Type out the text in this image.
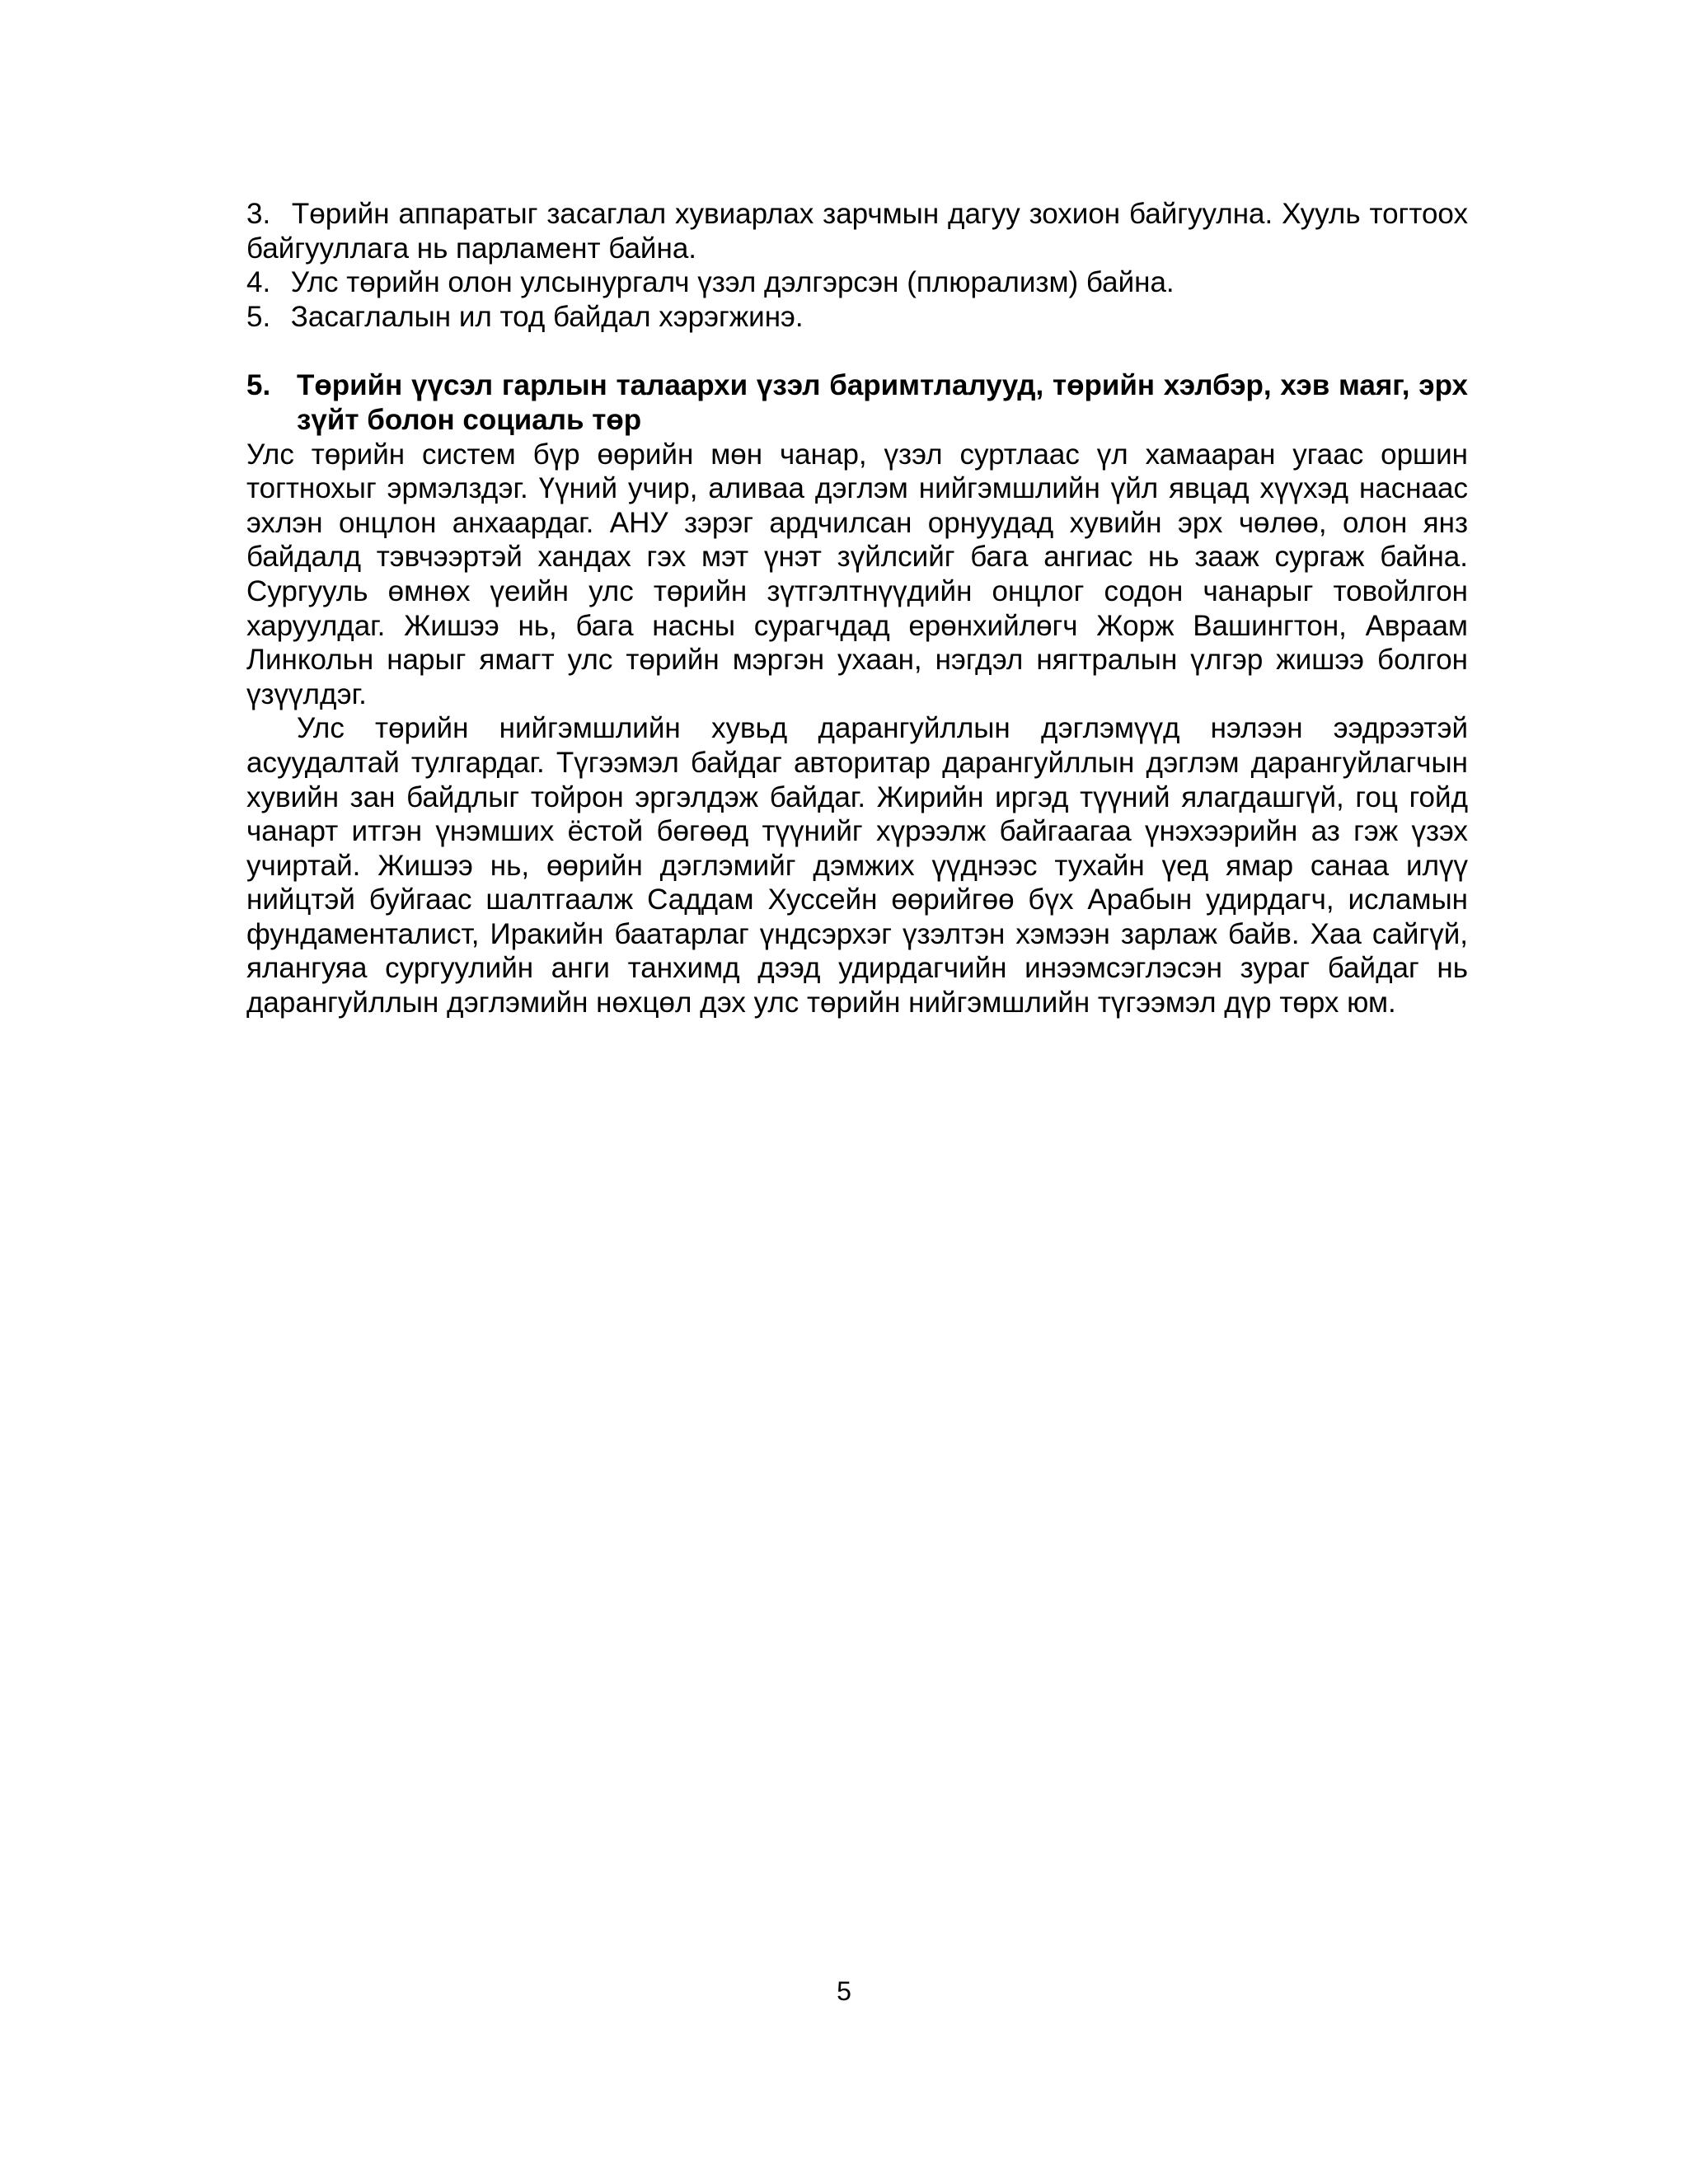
3. Төрийн аппаратыг засаглал хувиарлах зарчмын дагуу зохион байгуулна. Хууль тогтоох байгууллага нь парламент байна.

4. Улс төрийн олон улсынургалч үзэл дэлгэрсэн (плюрализм) байна.

5. Засаглалын ил тод байдал хэрэгжинэ.

5. Төрийн үүсэл гарлын талаархи үзэл баримтлалууд, төрийн хэлбэр, хэв маяг, эрх зүйт болон социаль төр

Улс төрийн систем бүр өөрийн мөн чанар, үзэл суртлаас үл хамааран угаас оршин тогтнохыг эрмэлздэг. Үүний учир, аливаа дэглэм нийгэмшлийн үйл явцад хүүхэд наснаас эхлэн онцлон анхаардаг. АНУ зэрэг ардчилсан орнуудад хувийн эрх чөлөө, олон янз байдалд тэвчээртэй хандах гэх мэт үнэт зүйлсийг бага ангиас нь зааж сургаж байна. Сургууль өмнөх үеийн улс төрийн зүтгэлтнүүдийн онцлог содон чанарыг товойлгон харуулдаг. Жишээ нь, бага насны сурагчдад ерөнхийлөгч Жорж Вашингтон, Авраам Линкольн нарыг ямагт улс төрийн мэргэн ухаан, нэгдэл нягтралын үлгэр жишээ болгон үзүүлдэг.

Улс төрийн нийгэмшлийн хувьд дарангуйллын дэглэмүүд нэлээн ээдрээтэй асуудалтай тулгардаг. Түгээмэл байдаг авторитар дарангуйллын дэглэм дарангуйлагчын хувийн зан байдлыг тойрон эргэлдэж байдаг. Жирийн иргэд түүний ялагдашгүй, гоц гойд чанарт итгэн үнэмших ёстой бөгөөд түүнийг хүрээлж байгаагаа үнэхээрийн аз гэж үзэх учиртай. Жишээ нь, өөрийн дэглэмийг дэмжих үүднээс тухайн үед ямар санаа илүү нийцтэй буйгаас шалтгаалж Саддам Хуссейн өөрийгөө бүх Арабын удирдагч, исламын фундаменталист, Иракийн баатарлаг үндсэрхэг үзэлтэн хэмээн зарлаж байв. Хаа сайгүй, ялангуяа сургуулийн анги танхимд дээд удирдагчийн инээмсэглэсэн зураг байдаг нь дарангуйллын дэглэмийн нөхцөл дэх улс төрийн нийгэмшлийн түгээмэл дүр төрх юм.

5
